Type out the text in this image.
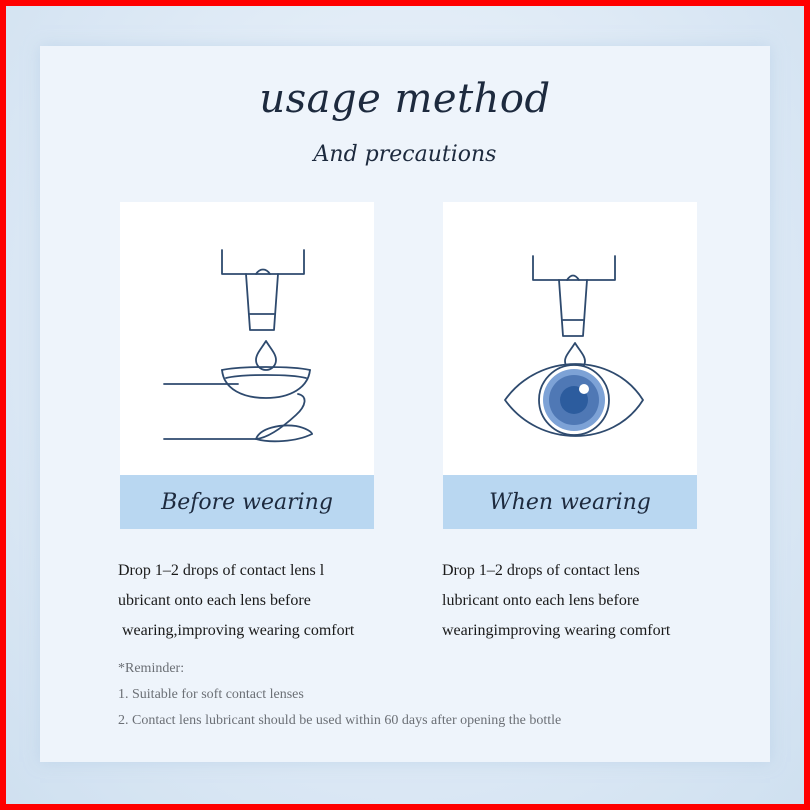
usage method
And precautions
Before wearing	When wearing
Drop 1–2 drops of contact lens l
ubricant onto each lens before
wearing,improving wearing comfort
Drop 1–2 drops of contact lens
lubricant onto each lens before
wearingimproving wearing comfort
*Reminder:
1. Suitable for soft contact lenses
2. Contact lens lubricant should be used within 60 days after opening the bottle
